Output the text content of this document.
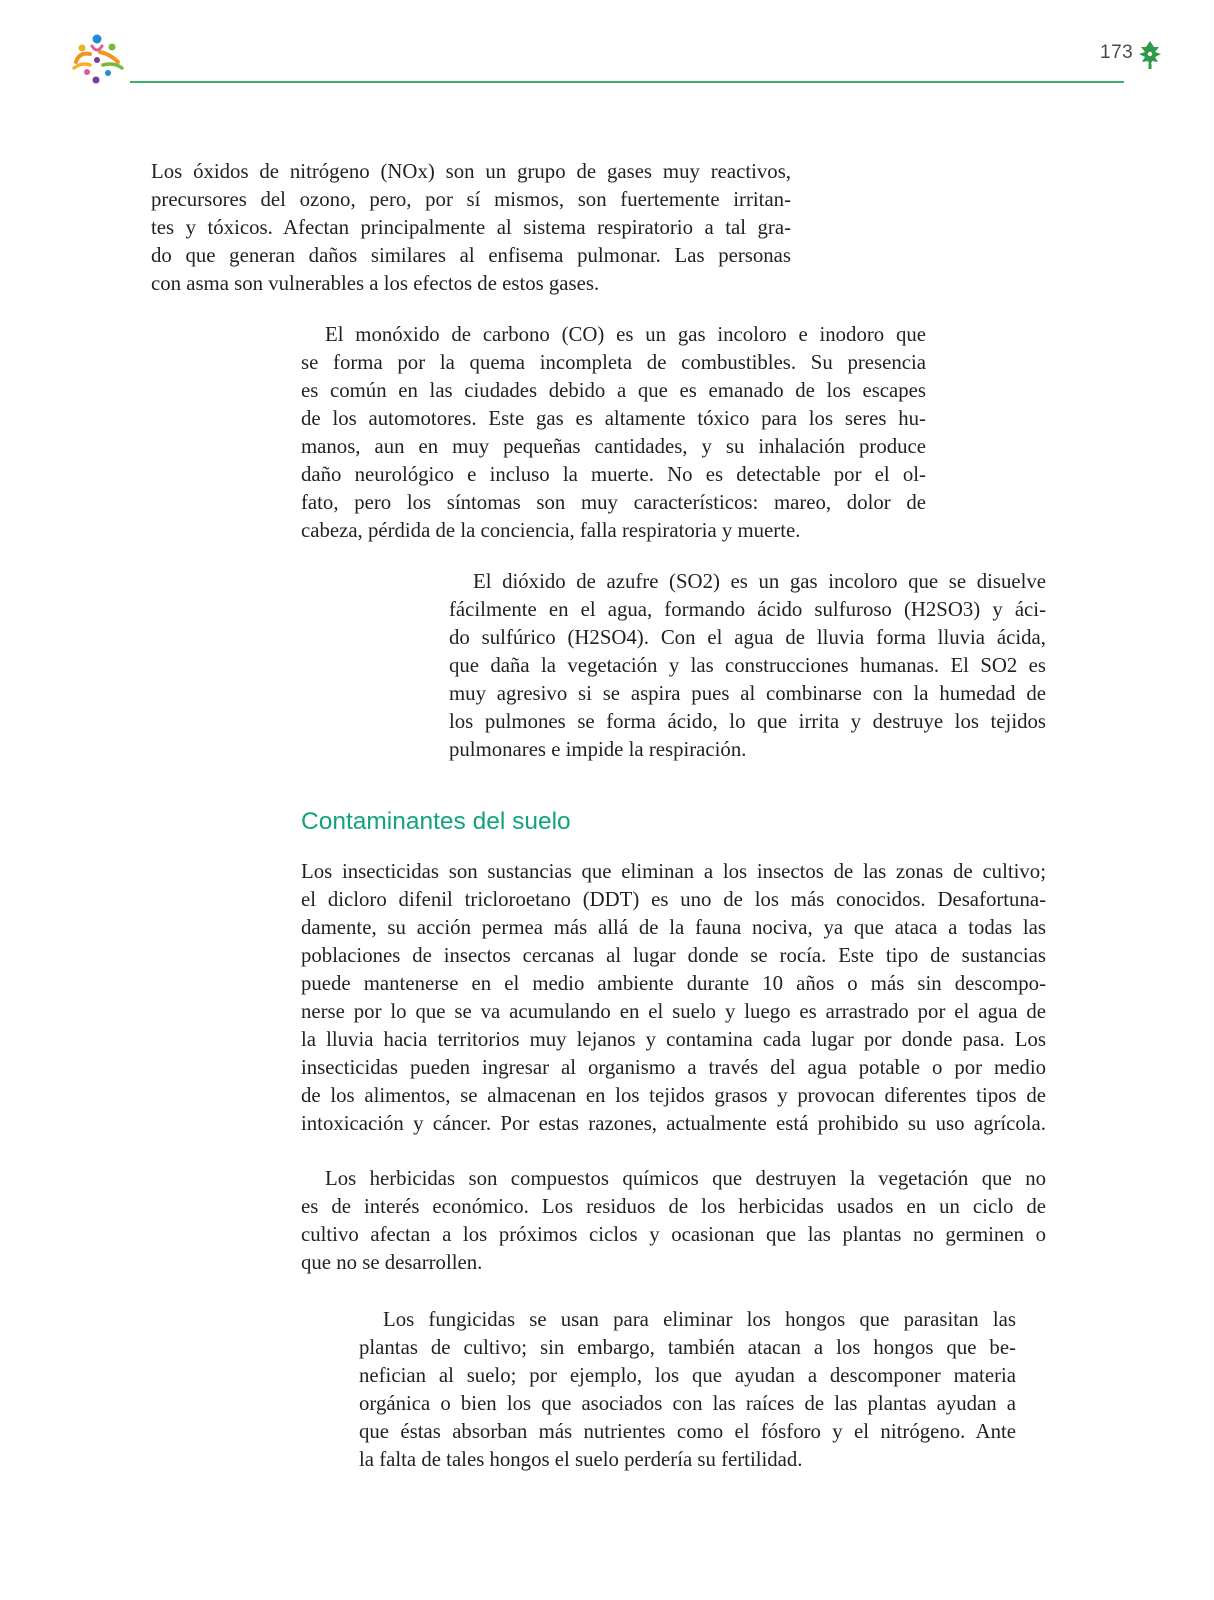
173
Los óxidos de nitrógeno (NOx) son un grupo de gases muy reactivos,
precursores del ozono, pero, por sí mismos, son fuertemente irritan-
tes y tóxicos. Afectan principalmente al sistema respiratorio a tal gra-
do que generan daños similares al enfisema pulmonar. Las personas
con asma son vulnerables a los efectos de estos gases.
El monóxido de carbono (CO) es un gas incoloro e inodoro que
se forma por la quema incompleta de combustibles. Su presencia
es común en las ciudades debido a que es emanado de los escapes
de los automotores. Este gas es altamente tóxico para los seres hu-
manos, aun en muy pequeñas cantidades, y su inhalación produce
daño neurológico e incluso la muerte. No es detectable por el ol-
fato, pero los síntomas son muy característicos: mareo, dolor de
cabeza, pérdida de la conciencia, falla respiratoria y muerte.
El dióxido de azufre (SO2) es un gas incoloro que se disuelve
fácilmente en el agua, formando ácido sulfuroso (H2SO3) y áci-
do sulfúrico (H2SO4). Con el agua de lluvia forma lluvia ácida,
que daña la vegetación y las construcciones humanas. El SO2 es
muy agresivo si se aspira pues al combinarse con la humedad de
los pulmones se forma ácido, lo que irrita y destruye los tejidos
pulmonares e impide la respiración.
Contaminantes del suelo
Los insecticidas son sustancias que eliminan a los insectos de las zonas de cultivo;
el dicloro difenil tricloroetano (DDT) es uno de los más conocidos. Desafortuna-
damente, su acción permea más allá de la fauna nociva, ya que ataca a todas las
poblaciones de insectos cercanas al lugar donde se rocía. Este tipo de sustancias
puede mantenerse en el medio ambiente durante 10 años o más sin descompo-
nerse por lo que se va acumulando en el suelo y luego es arrastrado por el agua de
la lluvia hacia territorios muy lejanos y contamina cada lugar por donde pasa. Los
insecticidas pueden ingresar al organismo a través del agua potable o por medio
de los alimentos, se almacenan en los tejidos grasos y provocan diferentes tipos de
intoxicación y cáncer. Por estas razones, actualmente está prohibido su uso agrícola.
Los herbicidas son compuestos químicos que destruyen la vegetación que no
es de interés económico. Los residuos de los herbicidas usados en un ciclo de
cultivo afectan a los próximos ciclos y ocasionan que las plantas no germinen o
que no se desarrollen.
Los fungicidas se usan para eliminar los hongos que parasitan las
plantas de cultivo; sin embargo, también atacan a los hongos que be-
nefician al suelo; por ejemplo, los que ayudan a descomponer materia
orgánica o bien los que asociados con las raíces de las plantas ayudan a
que éstas absorban más nutrientes como el fósforo y el nitrógeno. Ante
la falta de tales hongos el suelo perdería su fertilidad.
